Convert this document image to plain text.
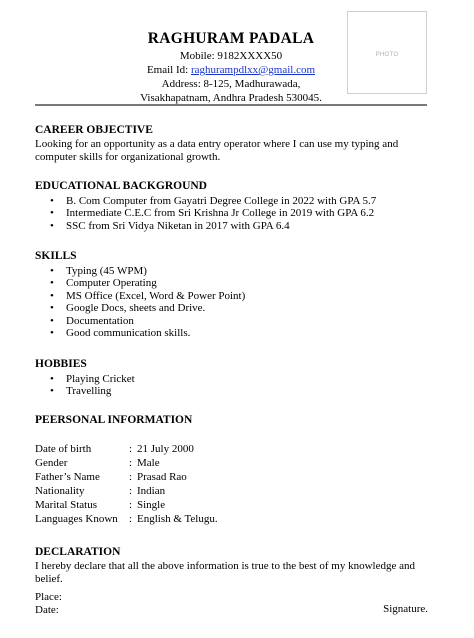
RAGHURAM PADALA
Mobile: 9182XXXX50
Email Id: raghurampdlxx@gmail.com
Address: 8-125, Madhurawada,
Visakhapatnam, Andhra Pradesh 530045.
PHOTO
CAREER OBJECTIVE
Looking for an opportunity as a data entry operator where I can use my typing and computer skills for organizational growth.
EDUCATIONAL BACKGROUND
• B. Com Computer from Gayatri Degree College in 2022 with GPA 5.7
• Intermediate C.E.C from Sri Krishna Jr College in 2019 with GPA 6.2
• SSC from Sri Vidya Niketan in 2017 with GPA 6.4
SKILLS
• Typing (45 WPM)
• Computer Operating
• MS Office (Excel, Word & Power Point)
• Google Docs, sheets and Drive.
• Documentation
• Good communication skills.
HOBBIES
• Playing Cricket
• Travelling
PEERSONAL INFORMATION
Date of birth	: 21 July 2000
Gender	: Male
Father’s Name	: Prasad Rao
Nationality	: Indian
Marital Status	: Single
Languages Known : English & Telugu.
DECLARATION
I hereby declare that all the above information is true to the best of my knowledge and belief.
Place:
Date:	Signature.
